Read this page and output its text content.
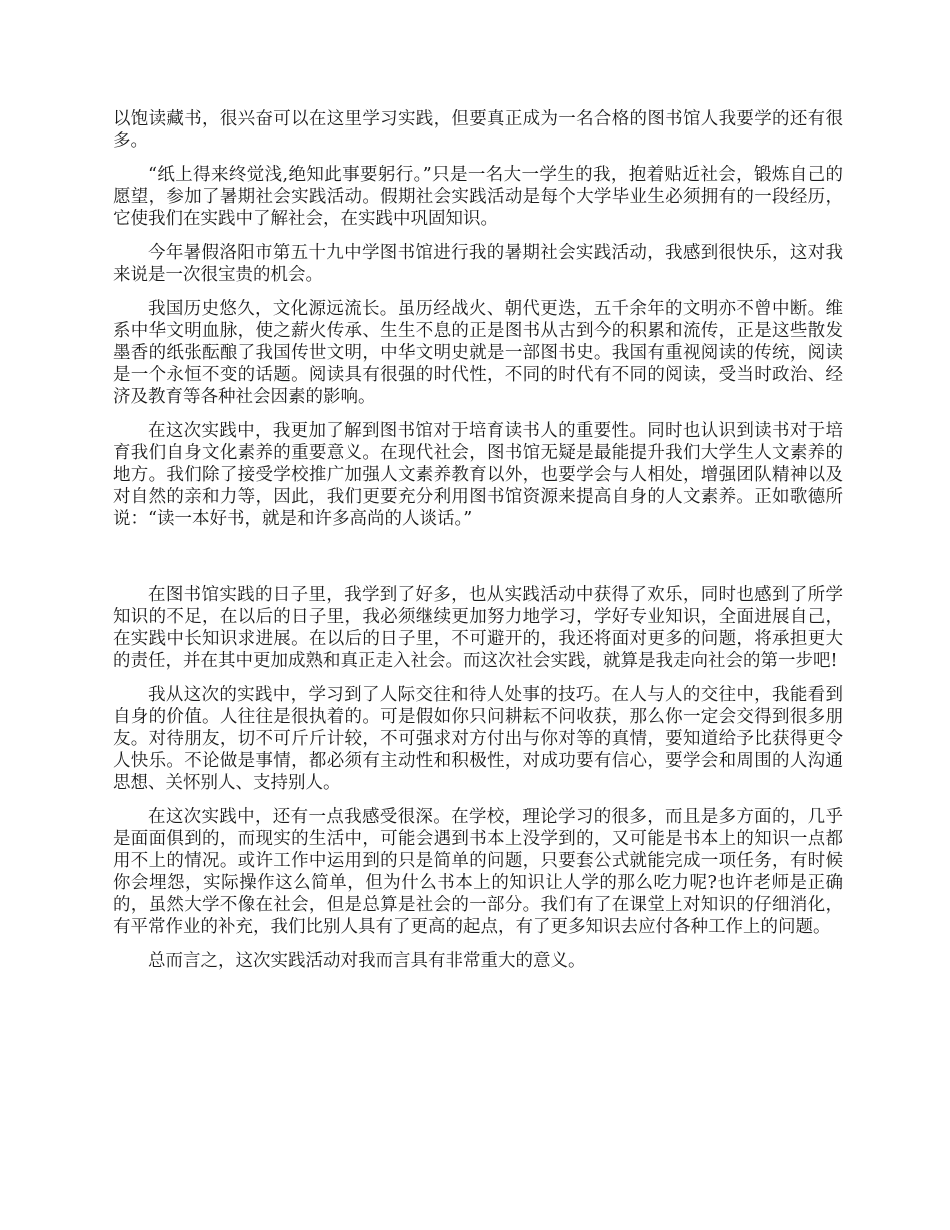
以饱读藏书，很兴奋可以在这里学习实践，但要真正成为一名合格的图书馆人我要学的还有很多。

“纸上得来终觉浅,绝知此事要躬行。”只是一名大一学生的我，抱着贴近社会，锻炼自己的愿望，参加了暑期社会实践活动。假期社会实践活动是每个大学毕业生必须拥有的一段经历，它使我们在实践中了解社会，在实践中巩固知识。

今年暑假洛阳市第五十九中学图书馆进行我的暑期社会实践活动，我感到很快乐，这对我来说是一次很宝贵的机会。

我国历史悠久，文化源远流长。虽历经战火、朝代更迭，五千余年的文明亦不曾中断。维系中华文明血脉，使之薪火传承、生生不息的正是图书从古到今的积累和流传，正是这些散发墨香的纸张酝酿了我国传世文明，中华文明史就是一部图书史。我国有重视阅读的传统，阅读是一个永恒不变的话题。阅读具有很强的时代性，不同的时代有不同的阅读，受当时政治、经济及教育等各种社会因素的影响。

在这次实践中，我更加了解到图书馆对于培育读书人的重要性。同时也认识到读书对于培育我们自身文化素养的重要意义。在现代社会，图书馆无疑是最能提升我们大学生人文素养的地方。我们除了接受学校推广加强人文素养教育以外，也要学会与人相处，增强团队精神以及对自然的亲和力等，因此，我们更要充分利用图书馆资源来提高自身的人文素养。正如歌德所说：“读一本好书，就是和许多高尚的人谈话。”

在图书馆实践的日子里，我学到了好多，也从实践活动中获得了欢乐，同时也感到了所学知识的不足，在以后的日子里，我必须继续更加努力地学习，学好专业知识，全面进展自己，在实践中长知识求进展。在以后的日子里，不可避开的，我还将面对更多的问题，将承担更大的责任，并在其中更加成熟和真正走入社会。而这次社会实践，就算是我走向社会的第一步吧!

我从这次的实践中，学习到了人际交往和待人处事的技巧。在人与人的交往中，我能看到自身的价值。人往往是很执着的。可是假如你只问耕耘不问收获，那么你一定会交得到很多朋友。对待朋友，切不可斤斤计较，不可强求对方付出与你对等的真情，要知道给予比获得更令人快乐。不论做是事情，都必须有主动性和积极性，对成功要有信心，要学会和周围的人沟通思想、关怀别人、支持别人。

在这次实践中，还有一点我感受很深。在学校，理论学习的很多，而且是多方面的，几乎是面面俱到的，而现实的生活中，可能会遇到书本上没学到的，又可能是书本上的知识一点都用不上的情况。或许工作中运用到的只是简单的问题，只要套公式就能完成一项任务，有时候你会埋怨，实际操作这么简单，但为什么书本上的知识让人学的那么吃力呢?也许老师是正确的，虽然大学不像在社会，但是总算是社会的一部分。我们有了在课堂上对知识的仔细消化，有平常作业的补充，我们比别人具有了更高的起点，有了更多知识去应付各种工作上的问题。

总而言之，这次实践活动对我而言具有非常重大的意义。
